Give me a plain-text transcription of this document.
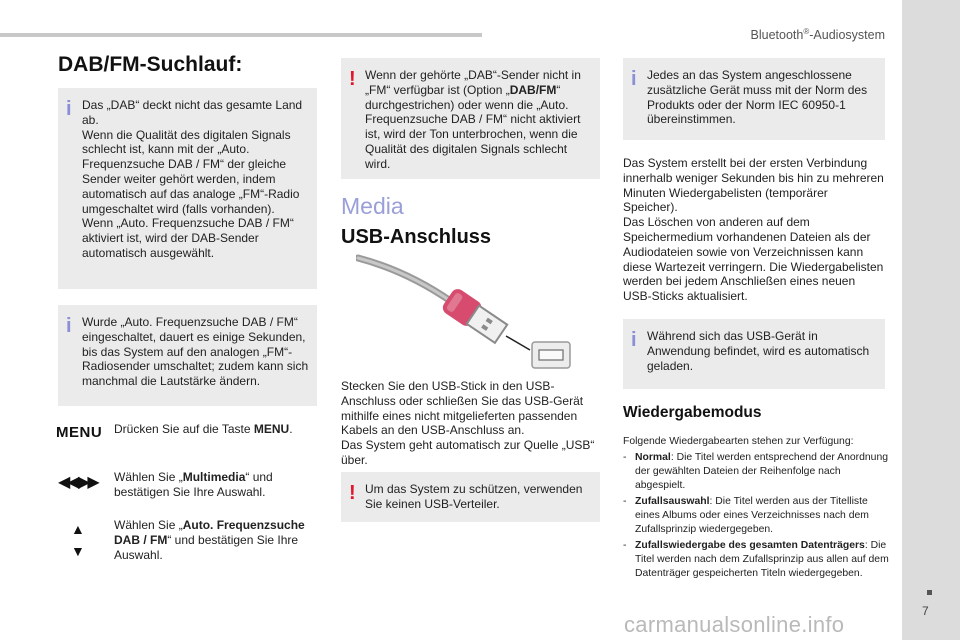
Bluetooth®-Audiosystem
7
DAB/FM-Suchlauf:
i Das „DAB“ deckt nicht das gesamte Land ab.
Wenn die Qualität des digitalen Signals schlecht ist, kann mit der „Auto. Frequenzsuche DAB / FM“ der gleiche Sender weiter gehört werden, indem automatisch auf das analoge „FM“-Radio umgeschaltet wird (falls vorhanden).
Wenn „Auto. Frequenzsuche DAB / FM“ aktiviert ist, wird der DAB-Sender automatisch ausgewählt.
i Wurde „Auto. Frequenzsuche DAB / FM“ eingeschaltet, dauert es einige Sekunden, bis das System auf den analogen „FM“-Radiosender umschaltet; zudem kann sich manchmal die Lautstärke ändern.
MENU Drücken Sie auf die Taste MENU.
◀◀ ▶▶ Wählen Sie „Multimedia“ und bestätigen Sie Ihre Auswahl.
▲
▼
Wählen Sie „Auto. Frequenzsuche DAB / FM“ und bestätigen Sie Ihre Auswahl.
! Wenn der gehörte „DAB“-Sender nicht in „FM“ verfügbar ist (Option „DAB/FM“ durchgestrichen) oder wenn die „Auto. Frequenzsuche DAB / FM“ nicht aktiviert ist, wird der Ton unterbrochen, wenn die Qualität des digitalen Signals schlecht wird.
Media
USB-Anschluss
Stecken Sie den USB-Stick in den USB-Anschluss oder schließen Sie das USB-Gerät mithilfe eines nicht mitgelieferten passenden Kabels an den USB-Anschluss an.
Das System geht automatisch zur Quelle „USB“ über.
! Um das System zu schützen, verwenden Sie keinen USB-Verteiler.
i Jedes an das System angeschlossene zusätzliche Gerät muss mit der Norm des Produkts oder der Norm IEC 60950-1 übereinstimmen.
Das System erstellt bei der ersten Verbindung innerhalb weniger Sekunden bis hin zu mehreren Minuten Wiedergabelisten (temporärer Speicher).
Das Löschen von anderen auf dem Speichermedium vorhandenen Dateien als der Audiodateien sowie von Verzeichnissen kann diese Wartezeit verringern. Die Wiedergabelisten werden bei jedem Anschließen eines neuen USB-Sticks aktualisiert.
i Während sich das USB-Gerät in Anwendung befindet, wird es automatisch geladen.
Wiedergabemodus
Folgende Wiedergabearten stehen zur Verfügung:
- Normal: Die Titel werden entsprechend der Anordnung der gewählten Dateien der Reihenfolge nach abgespielt.
- Zufallsauswahl: Die Titel werden aus der Titelliste eines Albums oder eines Verzeichnisses nach dem Zufallsprinzip wiedergegeben.
- Zufallswiedergabe des gesamten Datenträgers: Die Titel werden nach dem Zufallsprinzip aus allen auf dem Datenträger gespeicherten Titeln wiedergegeben.
carmanualsonline.info
